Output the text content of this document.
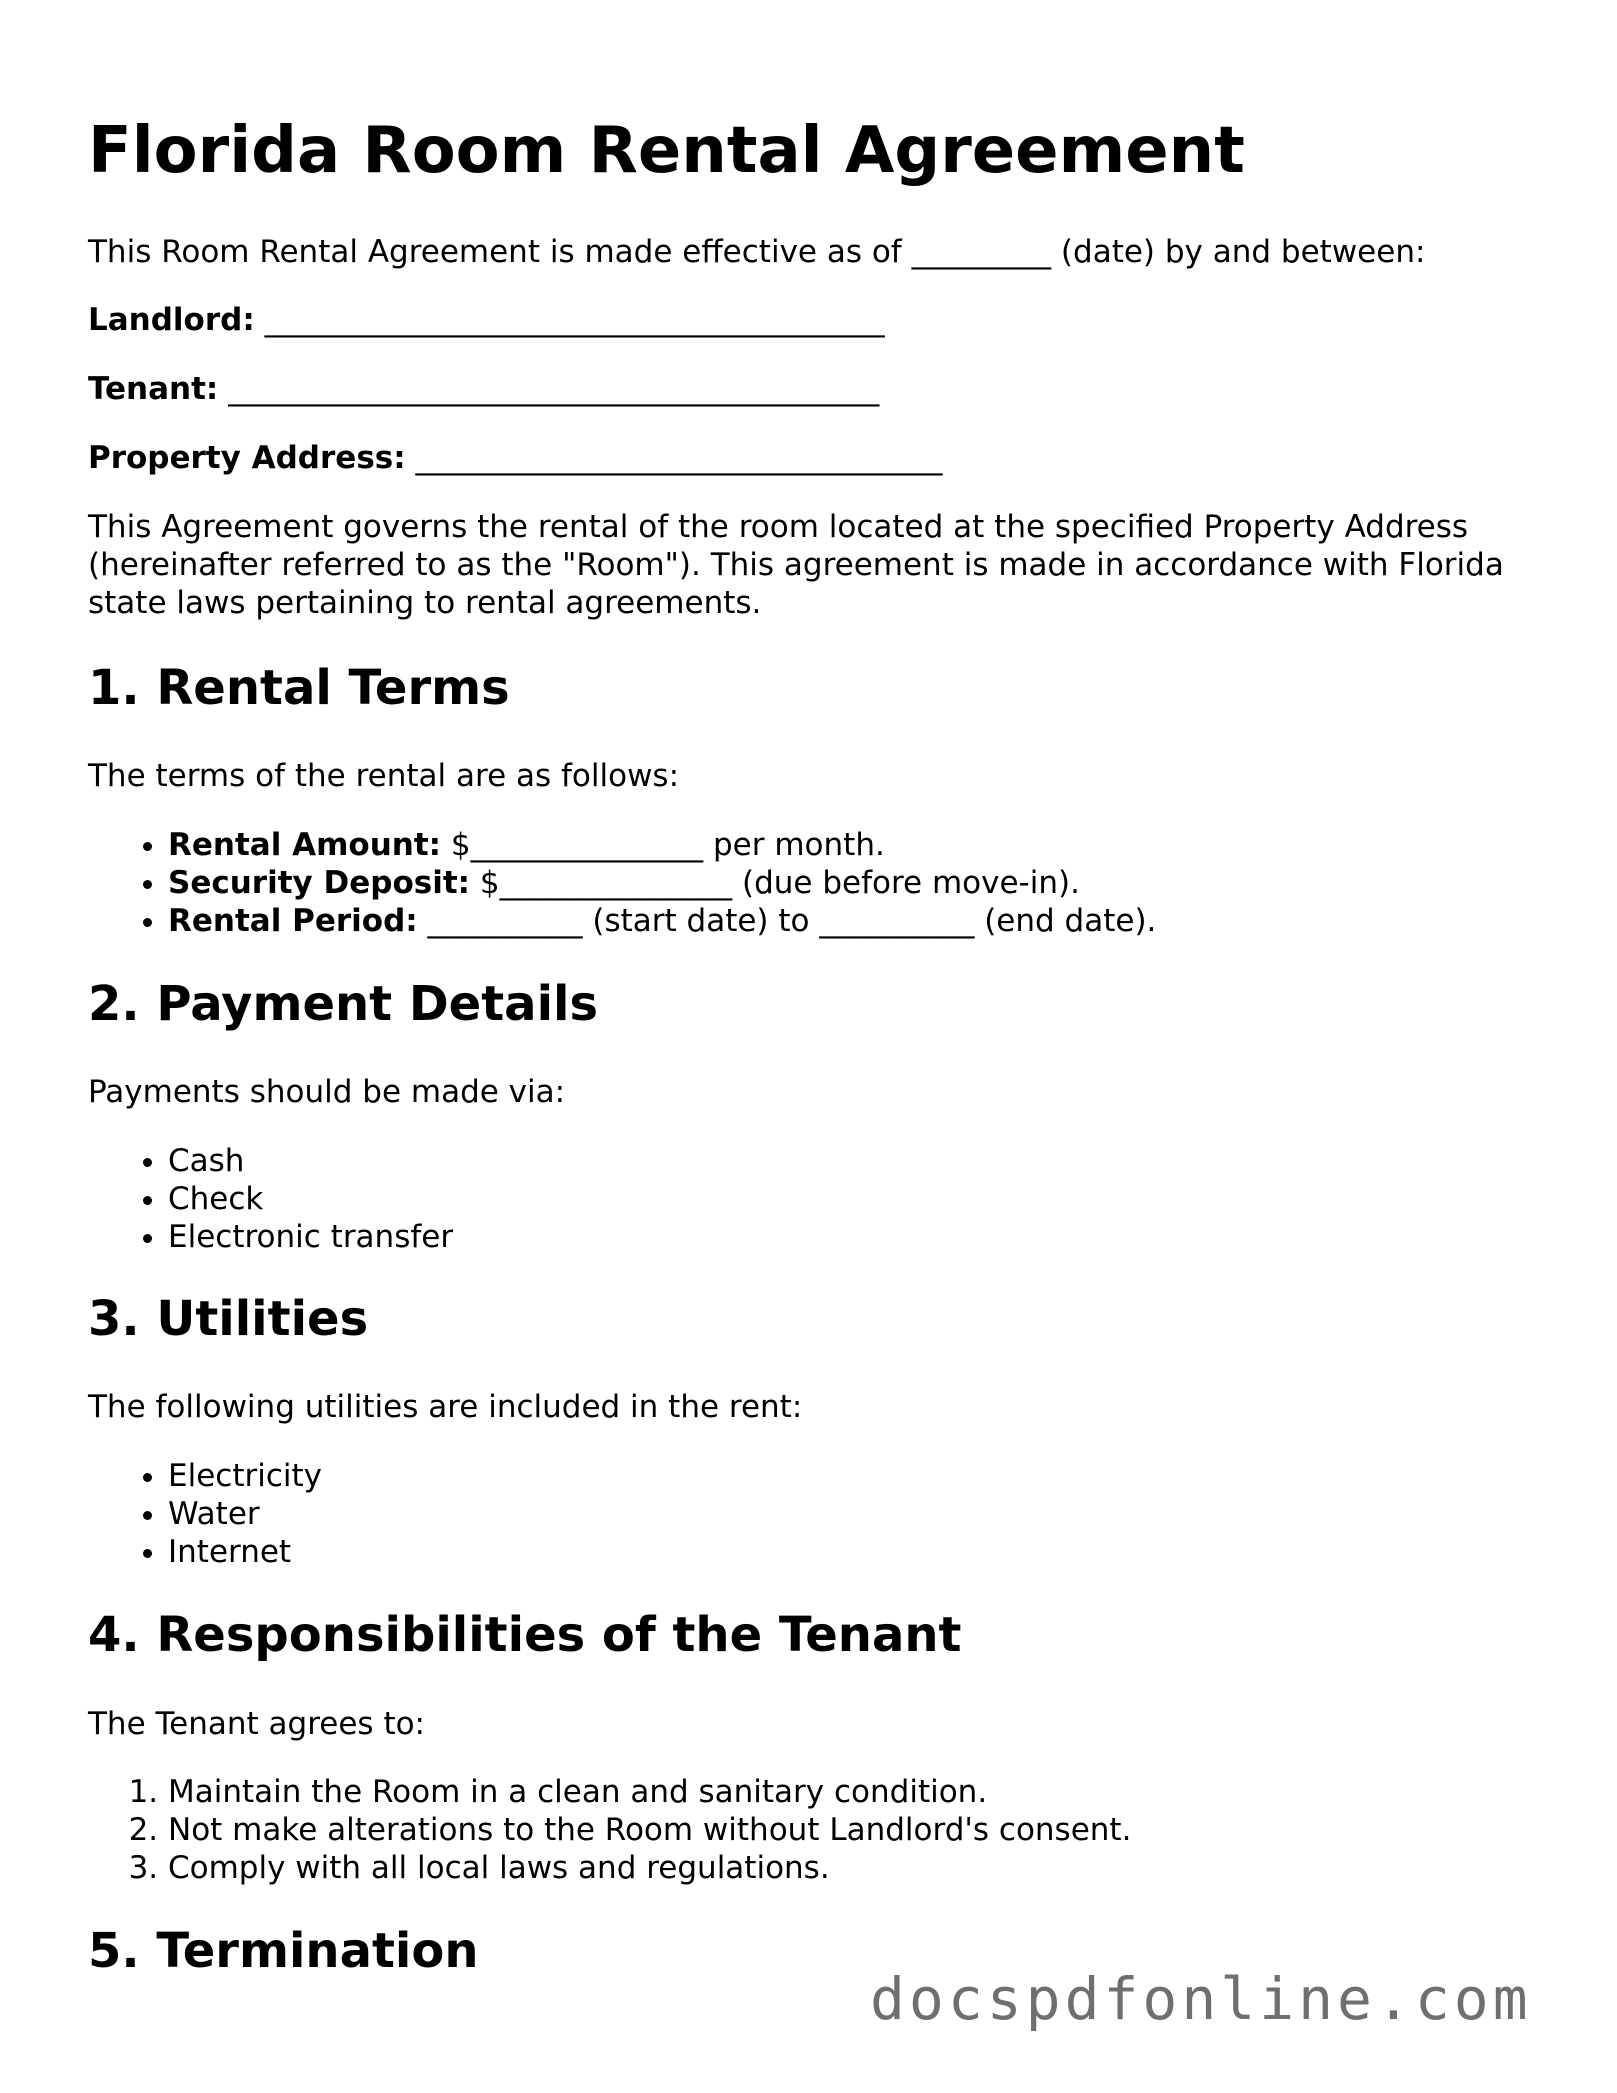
Florida Room Rental Agreement

This Room Rental Agreement is made effective as of _________ (date) by and between:

Landlord: ________________________________________

Tenant: __________________________________________

Property Address: __________________________________

This Agreement governs the rental of the room located at the specified Property Address (hereinafter referred to as the "Room"). This agreement is made in accordance with Florida state laws pertaining to rental agreements.

1. Rental Terms

The terms of the rental are as follows:

• Rental Amount: $_______________ per month.
• Security Deposit: $_______________ (due before move-in).
• Rental Period: __________ (start date) to __________ (end date).
2. Payment Details

Payments should be made via:

• Cash
• Check
• Electronic transfer
3. Utilities

The following utilities are included in the rent:

• Electricity
• Water
• Internet
4. Responsibilities of the Tenant

The Tenant agrees to:

1. Maintain the Room in a clean and sanitary condition.
2. Not make alterations to the Room without Landlord's consent.
3. Comply with all local laws and regulations.
5. Termination
docspdfonline.com
